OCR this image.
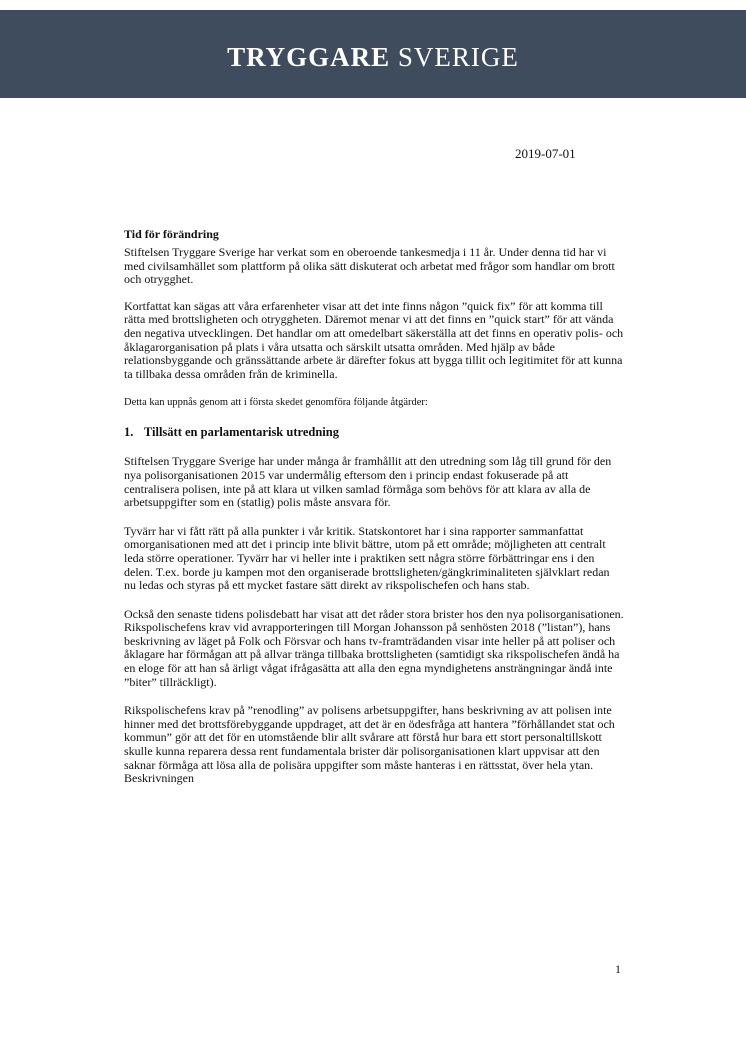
TRYGGARE SVERIGE
2019-07-01
Tid för förändring

Stiftelsen Tryggare Sverige har verkat som en oberoende tankesmedja i 11 år. Under denna tid har vi med civilsamhället som plattform på olika sätt diskuterat och arbetat med frågor som handlar om brott och otrygghet.

Kortfattat kan sägas att våra erfarenheter visar att det inte finns någon ”quick fix” för att komma till rätta med brottsligheten och otryggheten. Däremot menar vi att det finns en ”quick start” för att vända den negativa utvecklingen. Det handlar om att omedelbart säkerställa att det finns en operativ polis- och åklagarorganisation på plats i våra utsatta och särskilt utsatta områden. Med hjälp av både relationsbyggande och gränssättande arbete är därefter fokus att bygga tillit och legitimitet för att kunna ta tillbaka dessa områden från de kriminella.

Detta kan uppnås genom att i första skedet genomföra följande åtgärder:

1. Tillsätt en parlamentarisk utredning

Stiftelsen Tryggare Sverige har under många år framhållit att den utredning som låg till grund för den nya polisorganisationen 2015 var undermålig eftersom den i princip endast fokuserade på att centralisera polisen, inte på att klara ut vilken samlad förmåga som behövs för att klara av alla de arbetsuppgifter som en (statlig) polis måste ansvara för.

Tyvärr har vi fått rätt på alla punkter i vår kritik. Statskontoret har i sina rapporter sammanfattat omorganisationen med att det i princip inte blivit bättre, utom på ett område; möjligheten att centralt leda större operationer. Tyvärr har vi heller inte i praktiken sett några större förbättringar ens i den delen. T.ex. borde ju kampen mot den organiserade brottsligheten/gängkriminaliteten självklart redan nu ledas och styras på ett mycket fastare sätt direkt av rikspolischefen och hans stab.

Också den senaste tidens polisdebatt har visat att det råder stora brister hos den nya polisorganisationen. Rikspolischefens krav vid avrapporteringen till Morgan Johansson på senhösten 2018 (”listan”), hans beskrivning av läget på Folk och Försvar och hans tv-framträdanden visar inte heller på att poliser och åklagare har förmågan att på allvar tränga tillbaka brottsligheten (samtidigt ska rikspolischefen ändå ha en eloge för att han så ärligt vågat ifrågasätta att alla den egna myndighetens ansträngningar ändå inte ”biter” tillräckligt).

Rikspolischefens krav på ”renodling” av polisens arbetsuppgifter, hans beskrivning av att polisen inte hinner med det brottsförebyggande uppdraget, att det är en ödesfråga att hantera ”förhållandet stat och kommun” gör att det för en utomstående blir allt svårare att förstå hur bara ett stort personaltillskott skulle kunna reparera dessa rent fundamentala brister där polisorganisationen klart uppvisar att den saknar förmåga att lösa alla de polisära uppgifter som måste hanteras i en rättsstat, över hela ytan. Beskrivningen

1
